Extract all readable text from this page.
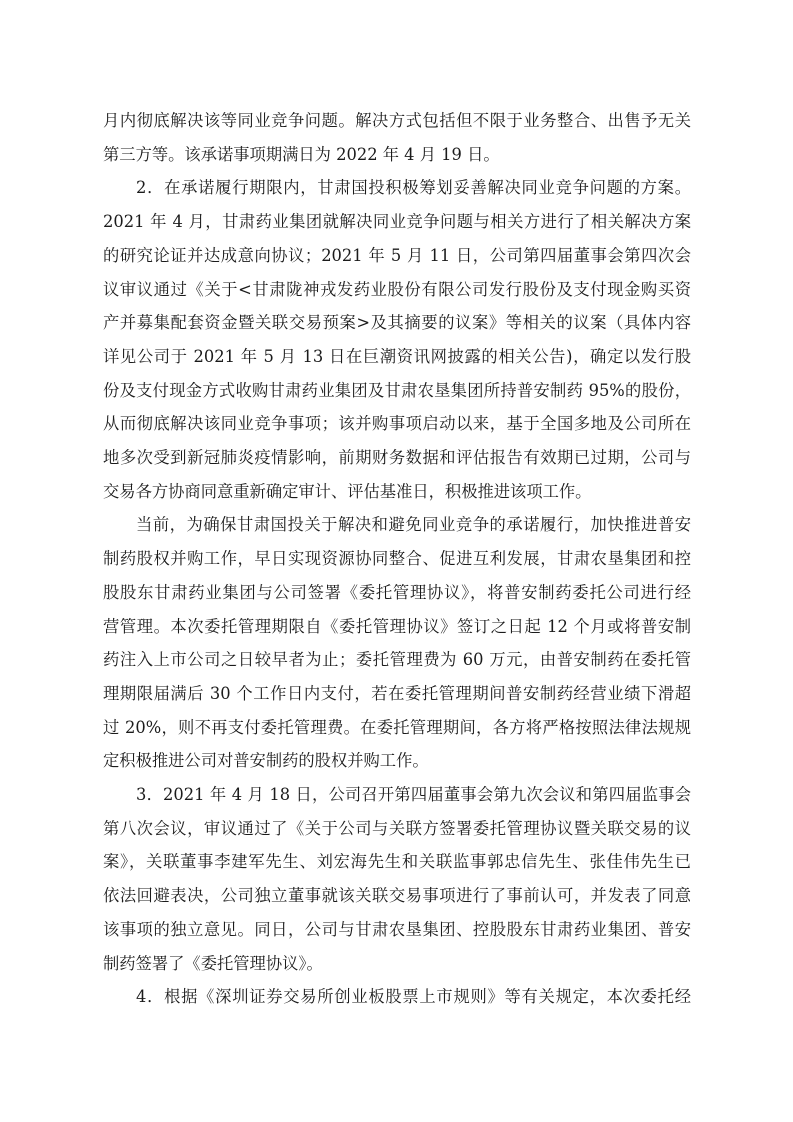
月内彻底解决该等同业竞争问题。解决方式包括但不限于业务整合、出售予无关
第三方等。该承诺事项期满日为 2022 年 4 月 19 日。
2．在承诺履行期限内，甘肃国投积极筹划妥善解决同业竞争问题的方案。
2021 年 4 月，甘肃药业集团就解决同业竞争问题与相关方进行了相关解决方案
的研究论证并达成意向协议；2021 年 5 月 11 日，公司第四届董事会第四次会
议审议通过《关于<甘肃陇神戎发药业股份有限公司发行股份及支付现金购买资
产并募集配套资金暨关联交易预案>及其摘要的议案》等相关的议案（具体内容
详见公司于 2021 年 5 月 13 日在巨潮资讯网披露的相关公告)，确定以发行股
份及支付现金方式收购甘肃药业集团及甘肃农垦集团所持普安制药 95%的股份，
从而彻底解决该同业竞争事项；该并购事项启动以来，基于全国多地及公司所在
地多次受到新冠肺炎疫情影响，前期财务数据和评估报告有效期已过期，公司与
交易各方协商同意重新确定审计、评估基准日，积极推进该项工作。
当前，为确保甘肃国投关于解决和避免同业竞争的承诺履行，加快推进普安
制药股权并购工作，早日实现资源协同整合、促进互利发展，甘肃农垦集团和控
股股东甘肃药业集团与公司签署《委托管理协议》，将普安制药委托公司进行经
营管理。本次委托管理期限自《委托管理协议》签订之日起 12 个月或将普安制
药注入上市公司之日较早者为止；委托管理费为 60 万元，由普安制药在委托管
理期限届满后 30 个工作日内支付，若在委托管理期间普安制药经营业绩下滑超
过 20%，则不再支付委托管理费。在委托管理期间，各方将严格按照法律法规规
定积极推进公司对普安制药的股权并购工作。
3．2021 年 4 月 18 日，公司召开第四届董事会第九次会议和第四届监事会
第八次会议，审议通过了《关于公司与关联方签署委托管理协议暨关联交易的议
案》，关联董事李建军先生、刘宏海先生和关联监事郭忠信先生、张佳伟先生已
依法回避表决，公司独立董事就该关联交易事项进行了事前认可，并发表了同意
该事项的独立意见。同日，公司与甘肃农垦集团、控股股东甘肃药业集团、普安
制药签署了《委托管理协议》。
4．根据《深圳证券交易所创业板股票上市规则》等有关规定，本次委托经
